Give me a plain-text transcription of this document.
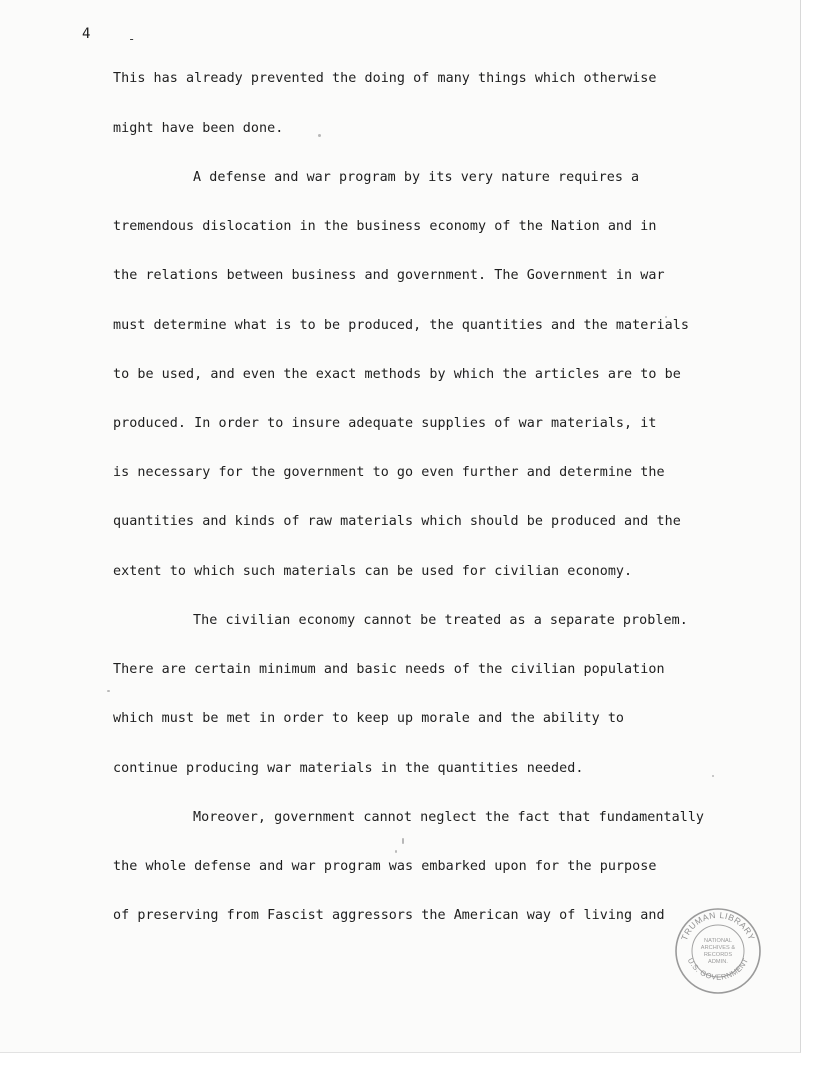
4	-

This has already prevented the doing of many things which otherwise

might have been done.

A defense and war program by its very nature requires a

tremendous dislocation in the business economy of the Nation and in

the relations between business and government. The Government in war

must determine what is to be produced, the quantities and the materials

to be used, and even the exact methods by which the articles are to be

produced. In order to insure adequate supplies of war materials, it

is necessary for the government to go even further and determine the

quantities and kinds of raw materials which should be produced and the

extent to which such materials can be used for civilian economy.

The civilian economy cannot be treated as a separate problem.

There are certain minimum and basic needs of the civilian population

which must be met in order to keep up morale and the ability to

continue producing war materials in the quantities needed.

Moreover, government cannot neglect the fact that fundamentally

the whole defense and war program was embarked upon for the purpose

of preserving from Fascist aggressors the American way of living and

TRUMAN LIBRARY
U.S. GOVERNMENT
NATIONAL
ARCHIVES &
RECORDS
ADMIN.
